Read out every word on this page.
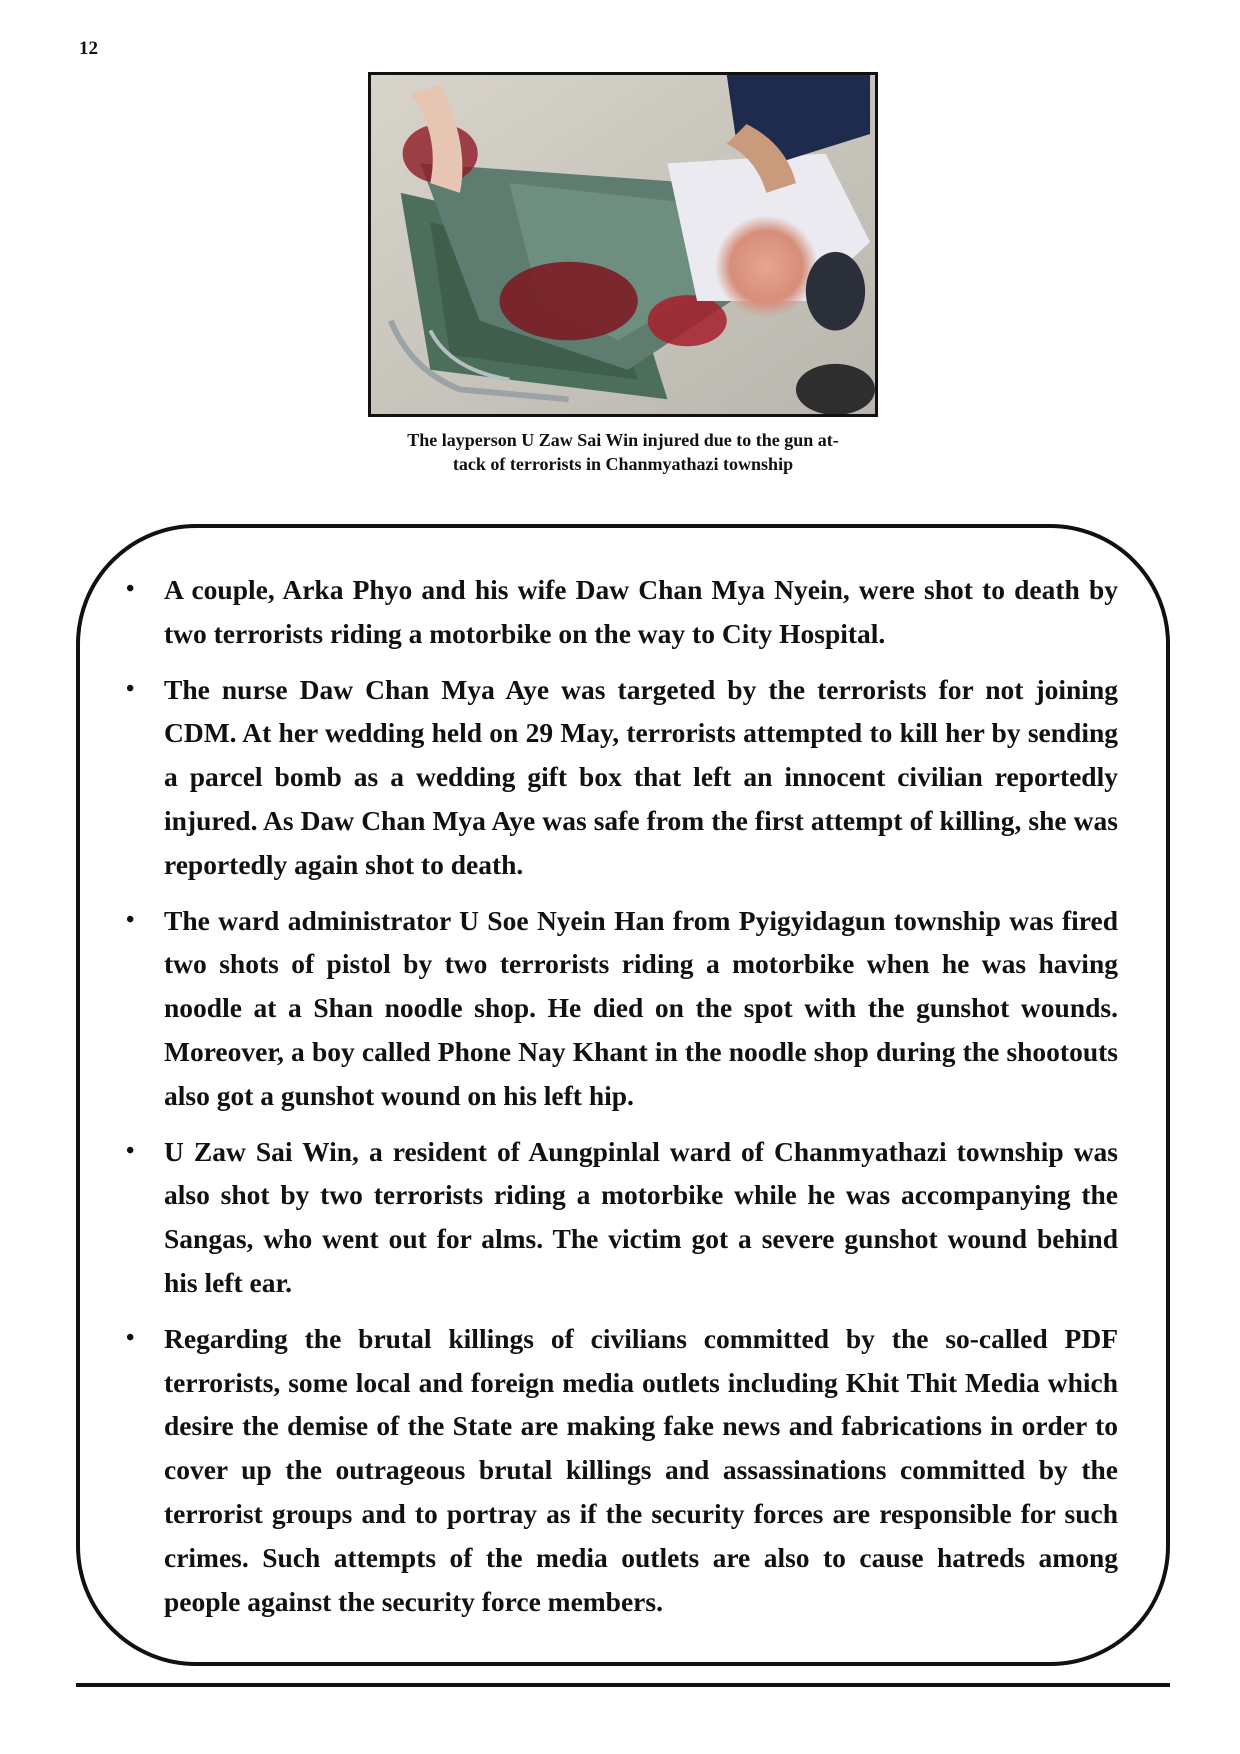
12
The layperson U Zaw Sai Win injured due to the gun at-
tack of terrorists in Chanmyathazi township
• A couple, Arka Phyo and his wife Daw Chan Mya Nyein, were shot to death by two terrorists riding a motorbike on the way to City Hospital.
• The nurse Daw Chan Mya Aye was targeted by the terrorists for not joining CDM. At her wedding held on 29 May, terrorists attempted to kill her by sending a parcel bomb as a wedding gift box that left an innocent civilian reportedly injured. As Daw Chan Mya Aye was safe from the first attempt of killing, she was reportedly again shot to death.
• The ward administrator U Soe Nyein Han from Pyigyidagun township was fired two shots of pistol by two terrorists riding a motorbike when he was having noodle at a Shan noodle shop. He died on the spot with the gunshot wounds. Moreover, a boy called Phone Nay Khant in the noodle shop during the shootouts also got a gunshot wound on his left hip.
• U Zaw Sai Win, a resident of Aungpinlal ward of Chanmyathazi township was also shot by two terrorists riding a motorbike while he was accompanying the Sangas, who went out for alms. The victim got a severe gunshot wound behind his left ear.
• Regarding the brutal killings of civilians committed by the so-called PDF terrorists, some local and foreign media outlets including Khit Thit Media which desire the demise of the State are making fake news and fabrications in order to cover up the outrageous brutal killings and assassinations committed by the terrorist groups and to portray as if the security forces are responsible for such crimes. Such attempts of the media outlets are also to cause hatreds among people against the security force members.
